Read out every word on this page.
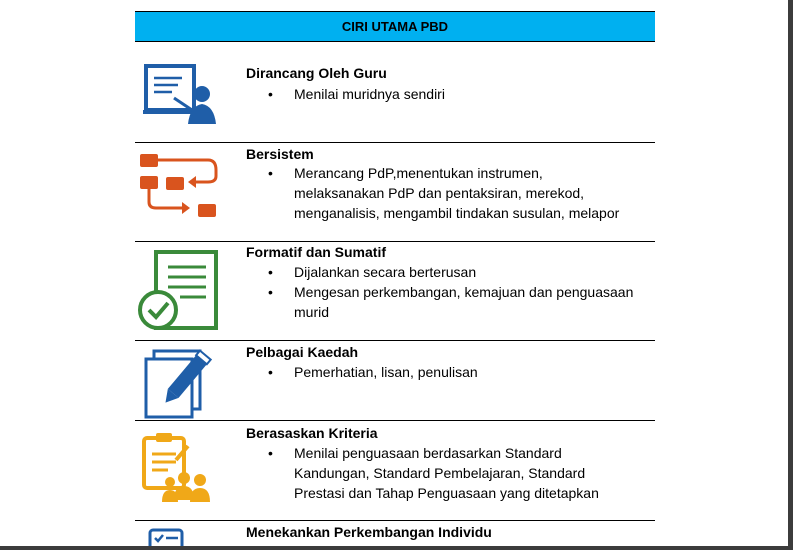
CIRI UTAMA PBD
Dirancang Oleh Guru
• Menilai muridnya sendiri
Bersistem
• Merancang PdP,menentukan instrumen,
melaksanakan PdP dan pentaksiran, merekod,
menganalisis, mengambil tindakan susulan, melapor
Formatif dan Sumatif
• Dijalankan secara berterusan
• Mengesan perkembangan, kemajuan dan penguasaan
murid
Pelbagai Kaedah
• Pemerhatian, lisan, penulisan
Berasaskan Kriteria
• Menilai penguasaan berdasarkan Standard
Kandungan, Standard Pembelajaran, Standard
Prestasi dan Tahap Penguasaan yang ditetapkan
Menekankan Perkembangan Individu
